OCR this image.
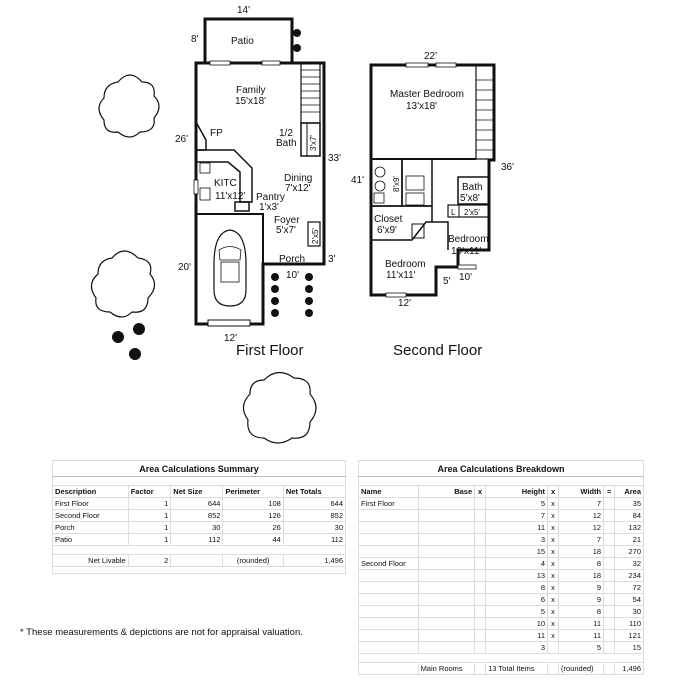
Patio
14'
8'
Family
15'x18'
FP
26'
1/2
Bath 3'x7'
33'
Dining
7'x12'
KITC
11'x12' Pantry
1'x3'
Foyer
5'x7' 2'x5'
Porch 3'
10'
20'
12'
First Floor
22'
Master Bedroom
13'x18'
36'
41'	8'x9'	Bath
5'x8'
L 2'x5'
Closet
6'x9'
Bedroom
10'x11'
Bedroom
11'x11'
5' 10'
12'
Second Floor
Area Calculations Summary				

Description	Factor	Net Size	Perimeter	Net Totals
First Floor	1	644	108	644
Second Floor	1	852	126	852
Porch	1	30	26	30
Patio	1	112	44	112

Net Livable	2		(rounded)	1,496

Area Calculations Breakdown							

Name	Base	x	Height	x	Width	=	Area
First Floor			5	x	7		35
			7	x	12		84
			11	x	12		132
			3	x	7		21
			15	x	18		270
Second Floor			4	x	8		32
			13	x	18		234
			8	x	9		72
			6	x	9		54
			5	x	8		30
			10	x	11		110
			11	x	11		121
			3		5		15

	Main Rooms		13 Total Items		(rounded)		1,496
* These measurements & depictions are not for appraisal valuation.
